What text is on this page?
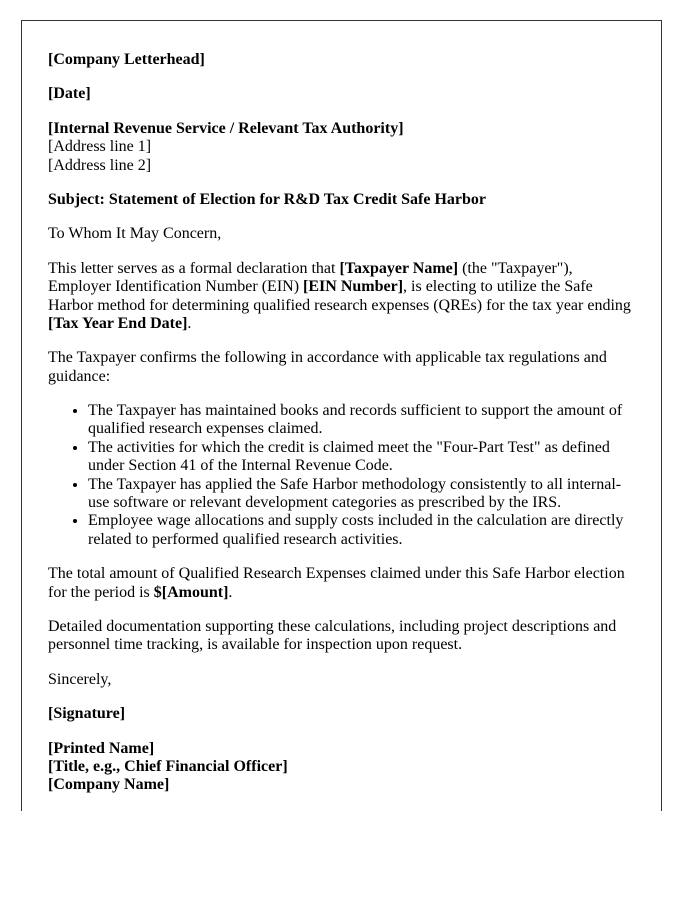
[Company Letterhead]

[Date]

[Internal Revenue Service / Relevant Tax Authority]
[Address line 1]
[Address line 2]

Subject: Statement of Election for R&D Tax Credit Safe Harbor

To Whom It May Concern,

This letter serves as a formal declaration that [Taxpayer Name] (the "Taxpayer"), Employer Identification Number (EIN) [EIN Number], is electing to utilize the Safe Harbor method for determining qualified research expenses (QREs) for the tax year ending [Tax Year End Date].

The Taxpayer confirms the following in accordance with applicable tax regulations and guidance:

• The Taxpayer has maintained books and records sufficient to support the amount of qualified research expenses claimed.
• The activities for which the credit is claimed meet the "Four-Part Test" as defined under Section 41 of the Internal Revenue Code.
• The Taxpayer has applied the Safe Harbor methodology consistently to all internal-use software or relevant development categories as prescribed by the IRS.
• Employee wage allocations and supply costs included in the calculation are directly related to performed qualified research activities.

The total amount of Qualified Research Expenses claimed under this Safe Harbor election for the period is $[Amount].

Detailed documentation supporting these calculations, including project descriptions and personnel time tracking, is available for inspection upon request.

Sincerely,

[Signature]

[Printed Name]
[Title, e.g., Chief Financial Officer]
[Company Name]
